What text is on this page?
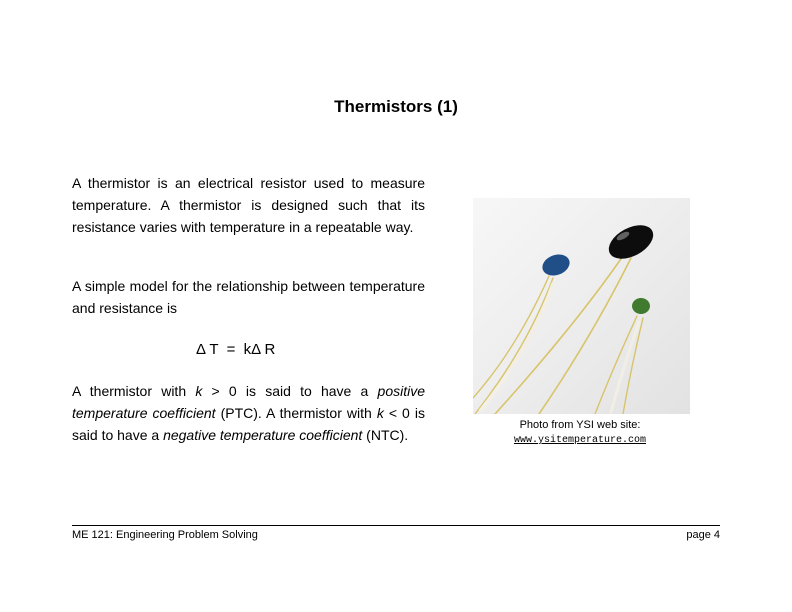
Thermistors (1)
A thermistor is an electrical resistor used to measure temperature. A thermistor is designed such that its resistance varies with temperature in a repeatable way.
A simple model for the relationship between temperature and resistance is
Δ T  =  kΔ R
A thermistor with k > 0 is said to have a positive temperature coefficient (PTC). A thermistor with k < 0 is said to have a negative temperature coefficient (NTC).
Photo from YSI web site:
www.ysitemperature.com
ME 121: Engineering Problem Solving	page 4
